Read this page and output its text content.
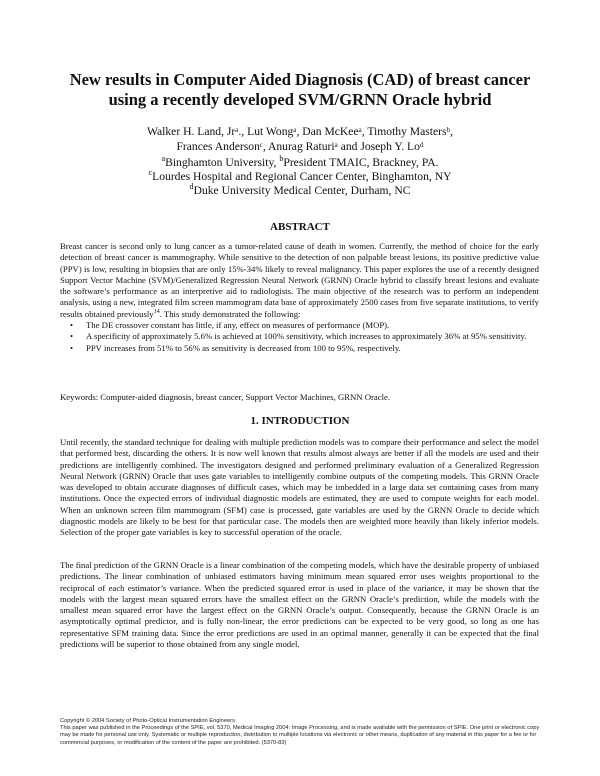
New results in Computer Aided Diagnosis (CAD) of breast cancer
using a recently developed SVM/GRNN Oracle hybrid
Walker H. Land, Jrᵃ., Lut Wongᵃ, Dan McKeeᵃ, Timothy Mastersᵇ,
Frances Andersonᶜ, Anurag Raturiᵃ and Joseph Y. Loᵈ
$^a$Binghamton University, $^b$President TMAIC, Brackney, PA.
$^c$Lourdes Hospital and Regional Cancer Center, Binghamton, NY
$^d$Duke University Medical Center, Durham, NC
ABSTRACT

Breast cancer is second only to lung cancer as a tumor-related cause of death in women. Currently, the method of choice for the early detection of breast cancer is mammography. While sensitive to the detection of non palpable breast lesions, its positive predictive value (PPV) is low, resulting in biopsies that are only 15%-34% likely to reveal malignancy. This paper explores the use of a recently designed Support Vector Machine (SVM)/Generalized Regression Neural Network (GRNN) Oracle hybrid to classify breast lesions and evaluate the software’s performance as an interpretive aid to radiologists. The main objective of the research was to perform an independent analysis, using a new, integrated film screen mammogram data base of approximately 2500 cases from five separate institutions, to verify results obtained previously$^{14}$. This study demonstrated the following:

• The DE crossover constant has little, if any, effect on measures of performance (MOP).
• A specificity of approximately 5.6% is achieved at 100% sensitivity, which increases to approximately 36% at 95% sensitivity.
• PPV increases from 51% to 56% as sensitivity is decreased from 100 to 95%, respectively.
Keywords: Computer-aided diagnosis, breast cancer, Support Vector Machines, GRNN Oracle.
1. INTRODUCTION

Until recently, the standard technique for dealing with multiple prediction models was to compare their performance and select the model that performed best, discarding the others. It is now well known that results almost always are better if all the models are used and their predictions are intelligently combined. The investigators designed and performed preliminary evaluation of a Generalized Regression Neural Network (GRNN) Oracle that uses gate variables to intelligently combine outputs of the competing models. This GRNN Oracle was developed to obtain accurate diagnoses of difficult cases, which may be imbedded in a large data set containing cases from many institutions. Once the expected errors of individual diagnostic models are estimated, they are used to compute weights for each model. When an unknown screen film mammogram (SFM) case is processed, gate variables are used by the GRNN Oracle to decide which diagnostic models are likely to be best for that particular case. The models then are weighted more heavily than likely inferior models. Selection of the proper gate variables is key to successful operation of the oracle.

The final prediction of the GRNN Oracle is a linear combination of the competing models, which have the desirable property of unbiased predictions. The linear combination of unbiased estimators having minimum mean squared error uses weights proportional to the reciprocal of each estimator’s variance. When the predicted squared error is used in place of the variance, it may be shown that the models with the largest mean squared errors have the smallest effect on the GRNN Oracle’s prediction, while the models with the smallest mean squared error have the largest effect on the GRNN Oracle’s output. Consequently, because the GRNN Oracle is an asymptotically optimal predictor, and is fully non-linear, the error predictions can be expected to be very good, so long as one has representative SFM training data. Since the error predictions are used in an optimal manner, generally it can be expected that the final predictions will be superior to those obtained from any single model.

Copyright © 2004 Society of Photo-Optical Instrumentation Engineers

This paper was published in the Proceedings of the SPIE, vol. 5370, Medical Imaging 2004: Image Processing, and is made available with the permission of SPIE. One print or electronic copy may be made for personal use only. Systematic or multiple reproduction, distribution to multiple locations via electronic or other means, duplication of any material in this paper for a fee or for commercial purposes, or modification of the content of the paper are prohibited. (5370-83)
